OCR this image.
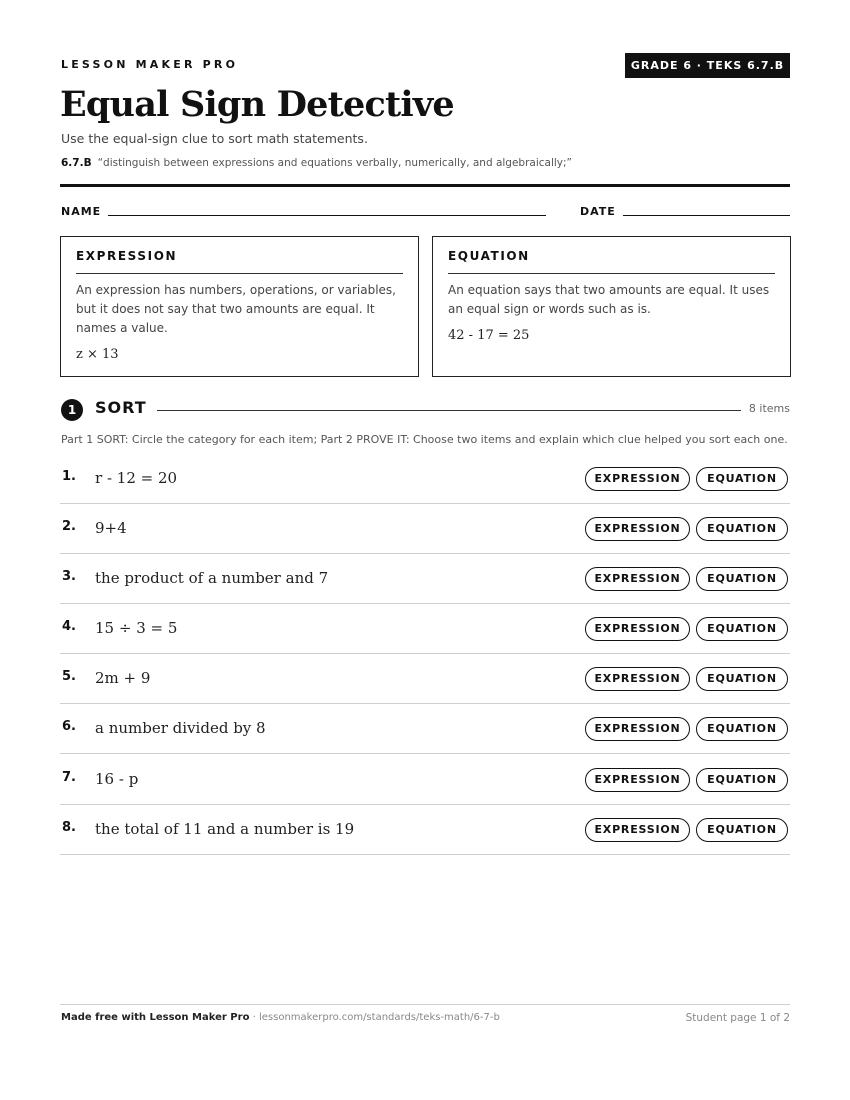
LESSON MAKER PRO	GRADE 6 · TEKS 6.7.B
Equal Sign Detective
Use the equal-sign clue to sort math statements.
6.7.B “distinguish between expressions and equations verbally, numerically, and algebraically;”
NAME	DATE
EXPRESSION
An expression has numbers, operations, or variables, but it does not say that two amounts are equal. It names a value.
z × 13
EQUATION
An equation says that two amounts are equal. It uses an equal sign or words such as is.
42 - 17 = 25
1	SORT	8 items
Part 1 SORT: Circle the category for each item; Part 2 PROVE IT: Choose two items and explain which clue helped you sort each one.
1. r - 12 = 20	EXPRESSION	EQUATION
2. 9+4	EXPRESSION	EQUATION
3. the product of a number and 7	EXPRESSION	EQUATION
4. 15 ÷ 3 = 5	EXPRESSION	EQUATION
5. 2m + 9	EXPRESSION	EQUATION
6. a number divided by 8	EXPRESSION	EQUATION
7. 16 - p	EXPRESSION	EQUATION
8. the total of 11 and a number is 19	EXPRESSION	EQUATION
Made free with Lesson Maker Pro · lessonmakerpro.com/standards/teks-math/6-7-b	Student page 1 of 2
